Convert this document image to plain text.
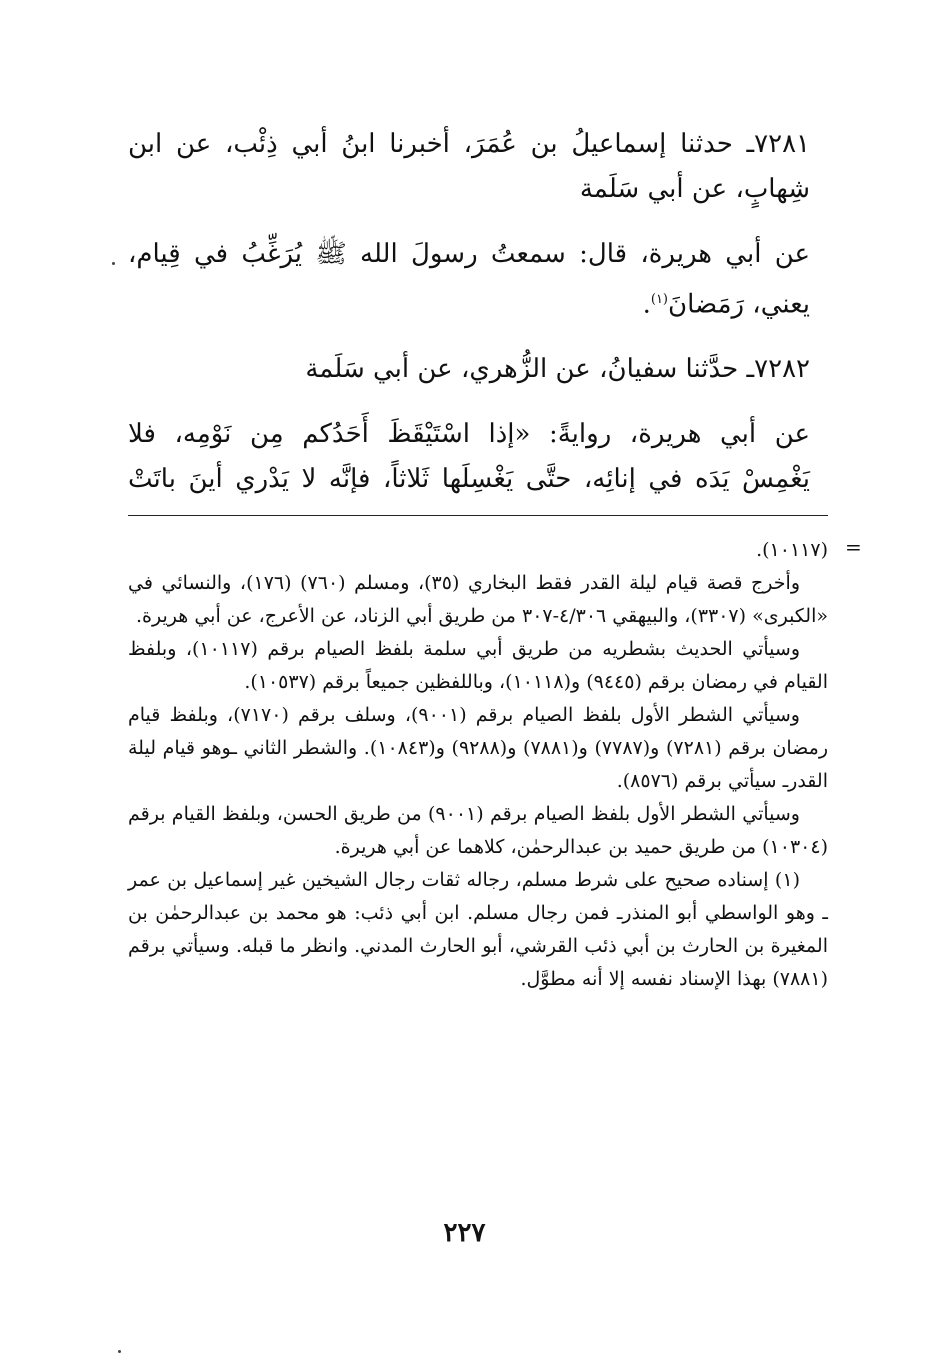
٧٢٨١ـ حدثنا إسماعيلُ بن عُمَرَ، أخبرنا ابنُ أبي ذِئْب، عن ابن
شِهابٍ، عن أبي سَلَمة
عن أبي هريرة، قال: سمعتُ رسولَ الله ﷺ يُرَغِّبُ في قِيام،
يعني، رَمَضانَ$^{(١)}$.
٧٢٨٢ـ حدَّثنا سفيانُ، عن الزُّهري، عن أبي سَلَمة
عن أبي هريرة، روايةً: «إذا اسْتَيْقَظَ أَحَدُكم مِن نَوْمِه، فلا
يَغْمِسْ يَدَه في إنائِه، حتَّى يَغْسِلَها ثَلاثاً، فإنَّه لا يَدْري أينَ باتَتْ
=

(١٠١١٧).

وأخرج قصة قيام ليلة القدر فقط البخاري (٣٥)، ومسلم (٧٦٠) (١٧٦)، والنسائي في «الكبرى» (٣٣٠٧)، والبيهقي ٤/٣٠٦-٣٠٧ من طريق أبي الزناد، عن الأعرج، عن أبي هريرة.

وسيأتي الحديث بشطريه من طريق أبي سلمة بلفظ الصيام برقم (١٠١١٧)، وبلفظ القيام في رمضان برقم (٩٤٤٥) و(١٠١١٨)، وباللفظين جميعاً برقم (١٠٥٣٧).

وسيأتي الشطر الأول بلفظ الصيام برقم (٩٠٠١)، وسلف برقم (٧١٧٠)، وبلفظ قيام رمضان برقم (٧٢٨١) و(٧٧٨٧) و(٧٨٨١) و(٩٢٨٨) و(١٠٨٤٣). والشطر الثاني ـوهو قيام ليلة القدرـ سيأتي برقم (٨٥٧٦).

وسيأتي الشطر الأول بلفظ الصيام برقم (٩٠٠١) من طريق الحسن، وبلفظ القيام برقم (١٠٣٠٤) من طريق حميد بن عبدالرحمٰن، كلاهما عن أبي هريرة.

(١) إسناده صحيح على شرط مسلم، رجاله ثقات رجال الشيخين غير إسماعيل بن عمر ـ وهو الواسطي أبو المنذرـ فمن رجال مسلم. ابن أبي ذئب: هو محمد بن عبدالرحمٰن بن المغيرة بن الحارث بن أبي ذئب القرشي، أبو الحارث المدني. وانظر ما قبله. وسيأتي برقم (٧٨٨١) بهذا الإسناد نفسه إلا أنه مطوَّل.

٢٢٧
